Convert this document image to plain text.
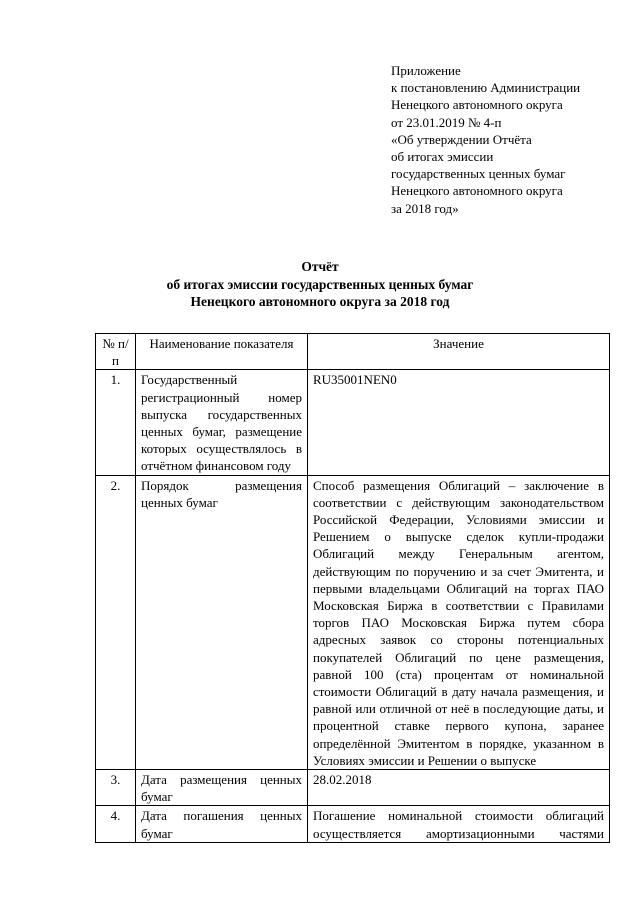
Приложение
к постановлению Администрации
Ненецкого автономного округа
от 23.01.2019 № 4-п
«Об утверждении Отчёта
об итогах эмиссии
государственных ценных бумаг
Ненецкого автономного округа
за 2018 год»
Отчёт
об итогах эмиссии государственных ценных бумаг
Ненецкого автономного округа за 2018 год
№ п/п	Наименование показателя	Значение
1.	Государственный регистрационный номер выпуска государственных ценных бумаг, размещение которых осуществлялось в отчётном финансовом году	RU35001NEN0
2.	Порядок размещения ценных бумаг	Способ размещения Облигаций – заключение в соответствии с действующим законодательством Российской Федерации, Условиями эмиссии и Решением о выпуске сделок купли-продажи Облигаций между Генеральным агентом, действующим по поручению и за счет Эмитента, и первыми владельцами Облигаций на торгах ПАО Московская Биржа в соответствии с Правилами торгов ПАО Московская Биржа путем сбора адресных заявок со стороны потенциальных покупателей Облигаций по цене размещения, равной 100 (ста) процентам от номинальной стоимости Облигаций в дату начала размещения, и равной или отличной от неё в последующие даты, и процентной ставке первого купона, заранее определённой Эмитентом в порядке, указанном в Условиях эмиссии и Решении о выпуске
3.	Дата размещения ценных бумаг	28.02.2018
4.	Дата погашения ценных бумаг	Погашение номинальной стоимости облигаций
осуществляется амортизационными частями
